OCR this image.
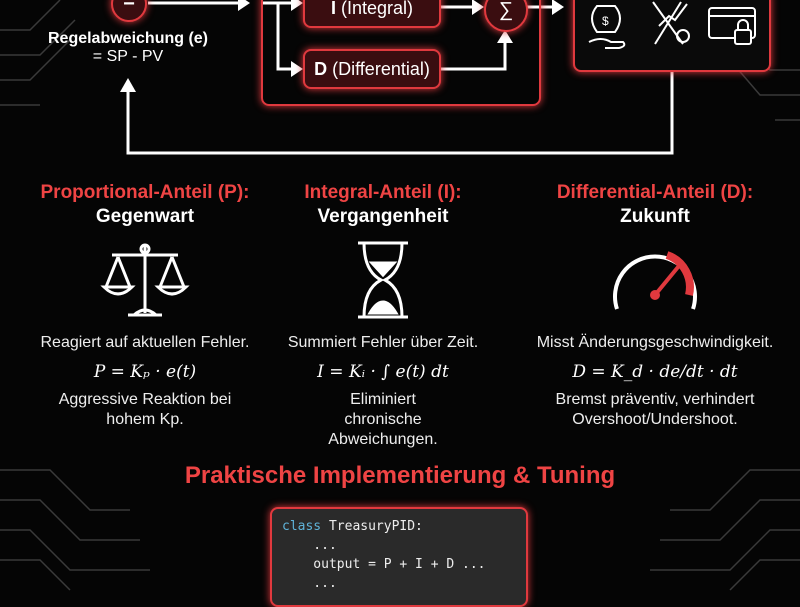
−
Regelabweichung (e)
= SP - PV
I (Integral)
D (Differential)
∑
$
Proportional-Anteil (P):
Gegenwart
Reagiert auf aktuellen Fehler.
P = Kₚ · e(t)
Aggressive Reaktion bei hohem Kp.
Integral-Anteil (I):
Vergangenheit
Summiert Fehler über Zeit.
I = Kᵢ · ∫ e(t) dt
Eliminiert chronische Abweichungen.
Differential-Anteil (D):
Zukunft
Misst Änderungsgeschwindigkeit.
D = K_d · de/dt · dt
Bremst präventiv, verhindert Overshoot/Undershoot.
Praktische Implementierung & Tuning
class TreasuryPID:
...
output = P + I + D ...
...
